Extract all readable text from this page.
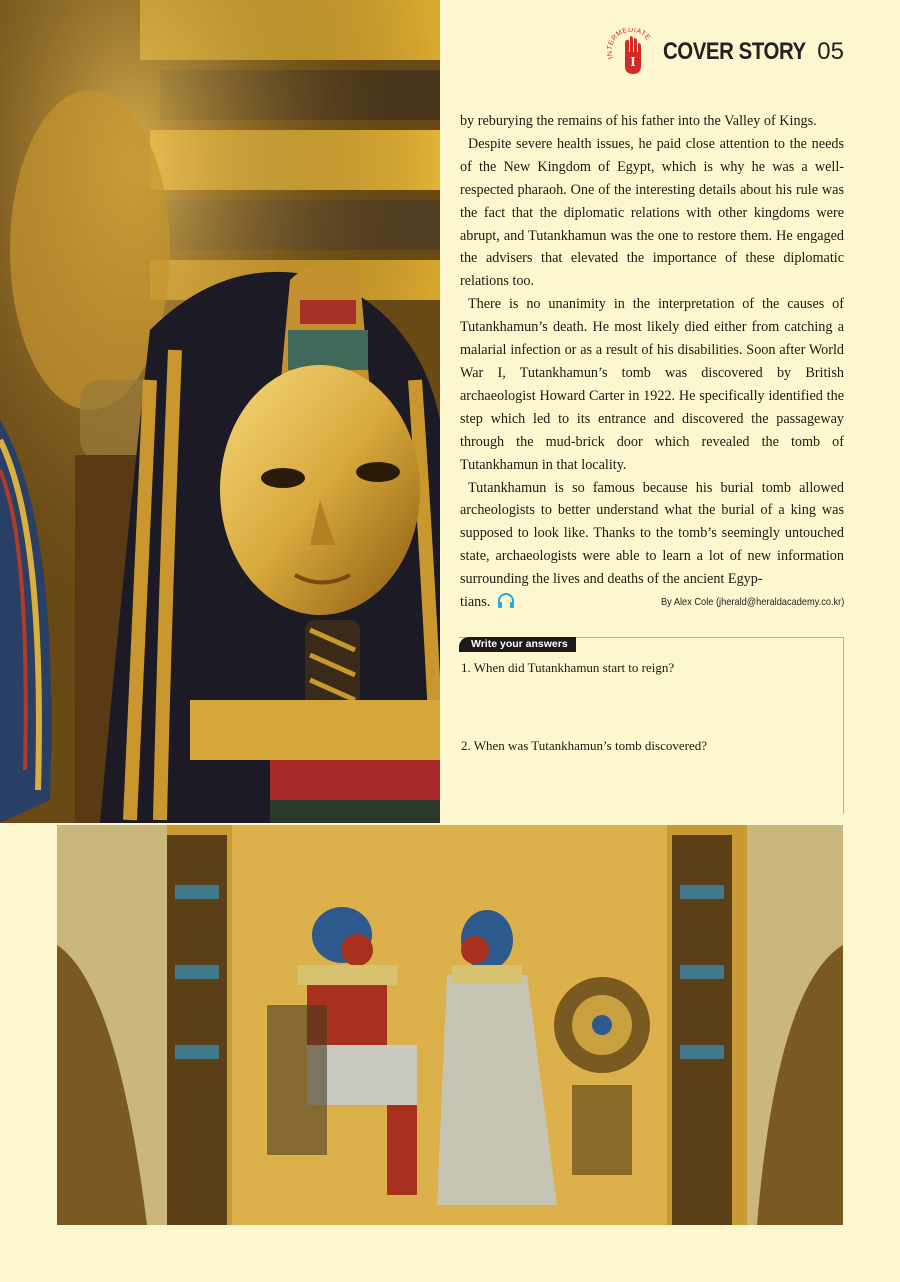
INTERMEDIATE
I COVER STORY 05

by reburying the remains of his father into the Valley of Kings.

Despite severe health issues, he paid close attention to the needs of the New Kingdom of Egypt, which is why he was a well-respected pharaoh. One of the interesting details about his rule was the fact that the diplomatic relations with other kingdoms were abrupt, and Tutankhamun was the one to restore them. He engaged the advisers that elevated the importance of these diplomatic relations too.

There is no unanimity in the interpretation of the causes of Tutankhamun’s death. He most likely died either from catching a malarial infection or as a result of his disabilities. Soon after World War I, Tutankhamun’s tomb was discovered by British archaeologist Howard Carter in 1922. He specifically identified the step which led to its entrance and discovered the passageway through the mud-brick door which revealed the tomb of Tutankhamun in that locality.

Tutankhamun is so famous because his burial tomb allowed archeologists to better understand what the burial of a king was supposed to look like. Thanks to the tomb’s seemingly untouched state, archaeologists were able to learn a lot of new information surrounding the lives and deaths of the ancient Egyp-

tians.	By Alex Cole (jherald@heraldacademy.co.kr)
Write your answers
1. When did Tutankhamun start to reign?
2. When was Tutankhamun’s tomb discovered?
